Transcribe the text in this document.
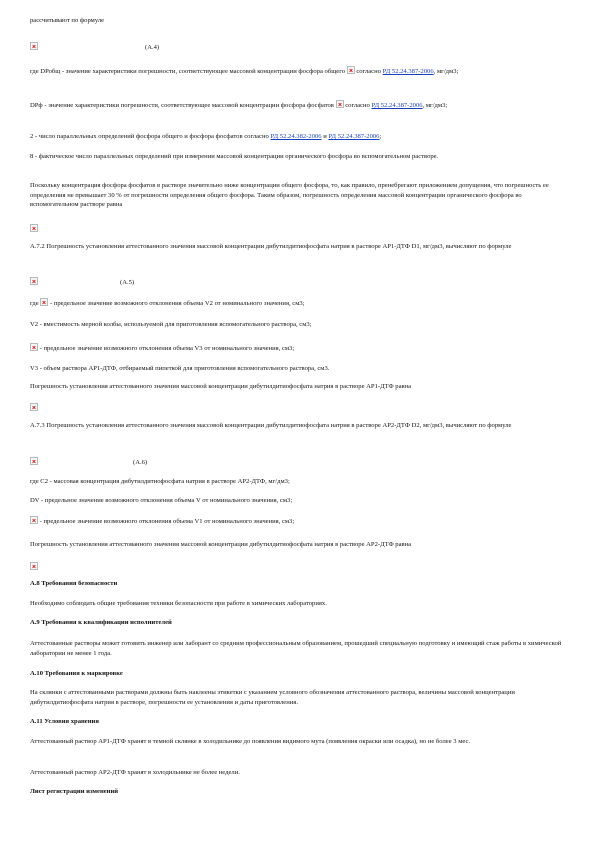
рассчитывают по формуле

(А.4)

где DРобщ - значение характеристики погрешности, соответствующее массовой концентрации фосфора общего согласно РД 52.24.387-2006, мг/дм3;

DРф - значение характеристики погрешности, соответствующее массовой концентрации фосфора фосфатов согласно РД 52.24.387-2006, мг/дм3;

2 - число параллельных определений фосфора общего и фосфора фосфатов согласно РД 52.24.382-2006 и РД 52.24.387-2006;

8 - фактическое число параллельных определений при измерении массовой концентрации органического фосфора во вспомогательном растворе.

Поскольку концентрация фосфора фосфатов в растворе значительно ниже концентрации общего фосфора, то, как правило, пренебрегают приложением допущения, что погрешность ее определения не превышает 30 % от погрешности определения общего фосфора. Таким образом, погрешность определения массовой концентрации органического фосфора во вспомогательном растворе равна

А.7.2 Погрешность установления аттестованного значения массовой концентрации дибутилдитиофосфата натрия в растворе АР1-ДТФ D1, мг/дм3, вычисляют по формуле

(А.5)

где - предельное значение возможного отклонения объема V2 от номинального значения, см3;

V2 - вместимость мерной колбы, используемой для приготовления вспомогательного раствора, см3;

- предельное значение возможного отклонения объема V3 от номинального значения, см3;

V3 - объем раствора АР1-ДТФ, отбираемый пипеткой для приготовления вспомогательного раствора, см3.

Погрешность установления аттестованного значения массовой концентрации дибутилдитиофосфата натрия в растворе АР1-ДТФ равна

А.7.3 Погрешность установления аттестованного значения массовой концентрации дибутилдитиофосфата натрия в растворе АР2-ДТФ D2, мг/дм3, вычисляют по формуле

(А.6)

где С2 - массовая концентрация дибутилдитиофосфата натрия в растворе АР2-ДТФ, мг/дм3;

DV - предельное значение возможного отклонения объема V от номинального значения, см3;

- предельное значение возможного отклонения объема V1 от номинального значения, см3;

Погрешность установления аттестованного значения массовой концентрации дибутилдитиофосфата натрия в растворе АР2-ДТФ равна

А.8 Требования безопасности

Необходимо соблюдать общие требования техники безопасности при работе в химических лабораториях.

А.9 Требования к квалификации исполнителей

Аттестованные растворы может готовить инженер или лаборант со средним профессиональным образованием, прошедший специальную подготовку и имеющий стаж работы в химической лаборатории не менее 1 года.

А.10 Требования к маркировке

На склянки с аттестованными растворами должны быть наклеены этикетки с указанием условного обозначения аттестованного раствора, величины массовой концентрации дибутилдитиофосфата натрия в растворе, погрешности ее установления и даты приготовления.

А.11 Условия хранения

Аттестованный раствор АР1-ДТФ хранят в темной склянке в холодильнике до появления видимого мута (появления окраски или осадка), но не более 3 мес.

Аттестованный раствор АР2-ДТФ хранят в холодильнике не более недели.

Лист регистрации изменений
